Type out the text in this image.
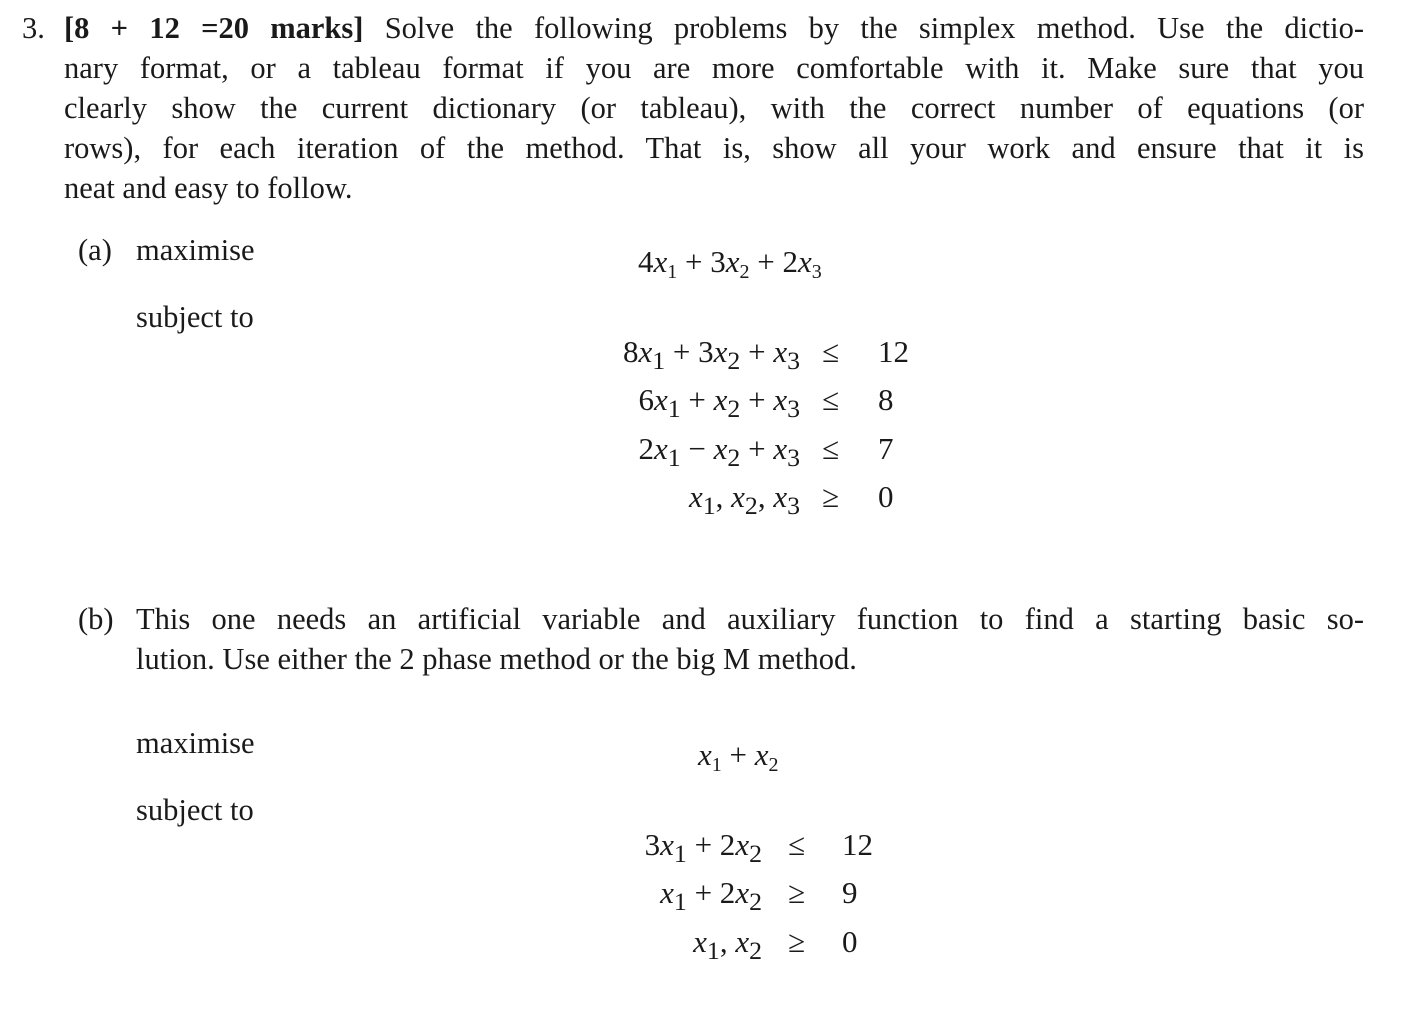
3. [8 + 12 =20 marks] Solve the following problems by the simplex method. Use the dictio-
nary format, or a tableau format if you are more comfortable with it. Make sure that you
clearly show the current dictionary (or tableau), with the correct number of equations (or
rows), for each iteration of the method. That is, show all your work and ensure that it is
neat and easy to follow.
(a) maximise	$4x_1 + 3x_2 + 2x_3$
subject to
$8x_1 + 3x_2 + x_3 \le 12$
$6x_1 + x_2 + x_3 \le 8$
$2x_1 - x_2 + x_3 \le 7$
$x_1$, $x_2$, $x_3 \ge 0$
(b) This one needs an artificial variable and auxiliary function to find a starting basic so-
lution. Use either the 2 phase method or the big M method.
maximise	$x_1 + x_2$
subject to
$3x_1 + 2x_2 \le 12$
$x_1 + 2x_2 \ge 9$
$x_1$, $x_2 \ge 0$
